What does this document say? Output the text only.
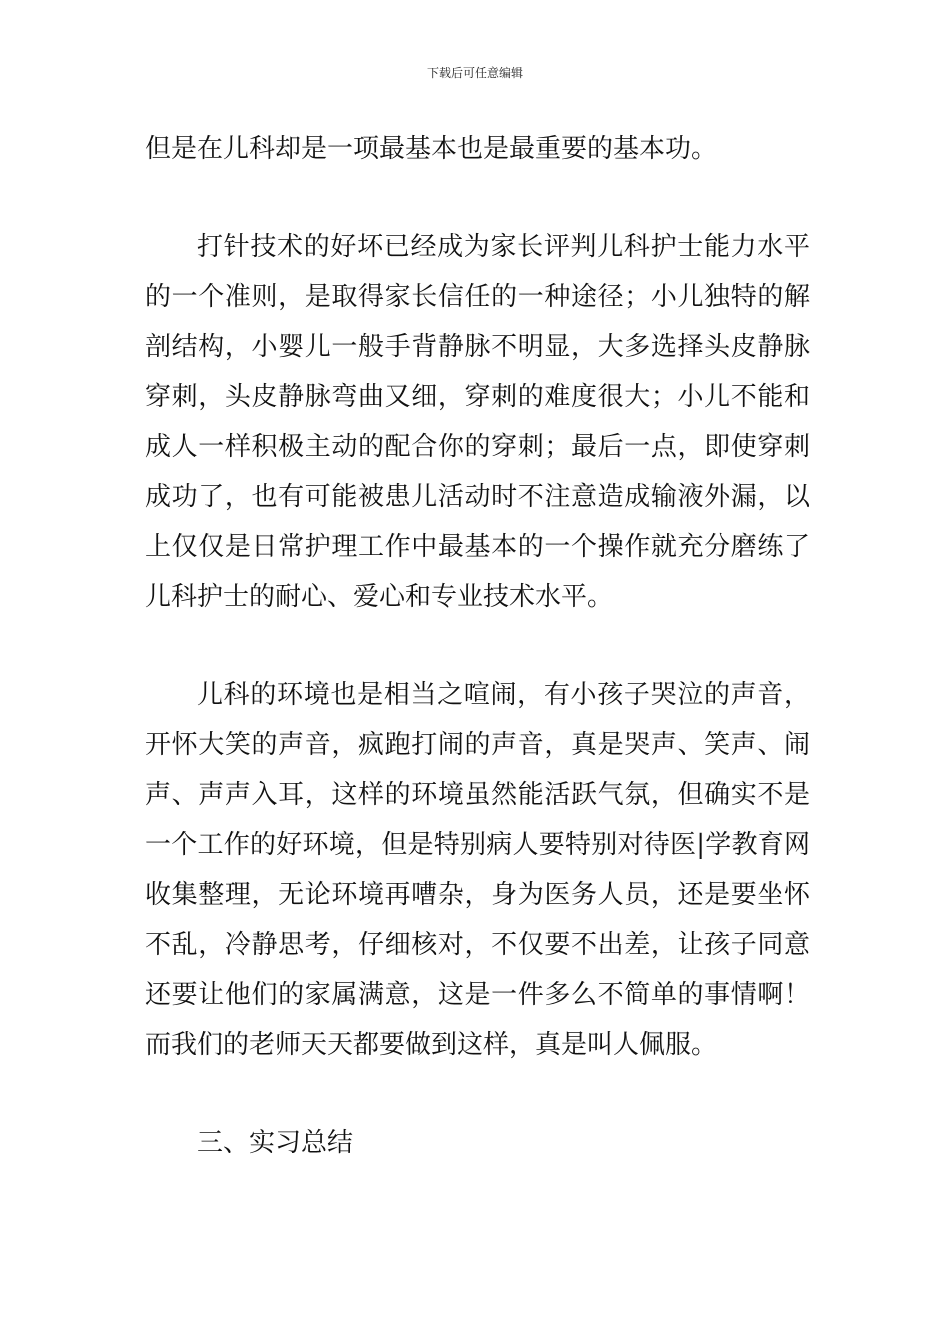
下载后可任意编辑
但是在儿科却是一项最基本也是最重要的基本功。
打针技术的好坏已经成为家长评判儿科护士能力水平
的一个准则，是取得家长信任的一种途径；小儿独特的解
剖结构，小婴儿一般手背静脉不明显，大多选择头皮静脉
穿刺，头皮静脉弯曲又细，穿刺的难度很大；小儿不能和
成人一样积极主动的配合你的穿刺；最后一点，即使穿刺
成功了，也有可能被患儿活动时不注意造成输液外漏，以
上仅仅是日常护理工作中最基本的一个操作就充分磨练了
儿科护士的耐心、爱心和专业技术水平。
儿科的环境也是相当之喧闹，有小孩子哭泣的声音，
开怀大笑的声音，疯跑打闹的声音，真是哭声、笑声、闹
声、声声入耳，这样的环境虽然能活跃气氛，但确实不是
一个工作的好环境，但是特别病人要特别对待医|学教育网
收集整理，无论环境再嘈杂，身为医务人员，还是要坐怀
不乱，冷静思考，仔细核对，不仅要不出差，让孩子同意
还要让他们的家属满意，这是一件多么不简单的事情啊！
而我们的老师天天都要做到这样，真是叫人佩服。
三、实习总结
